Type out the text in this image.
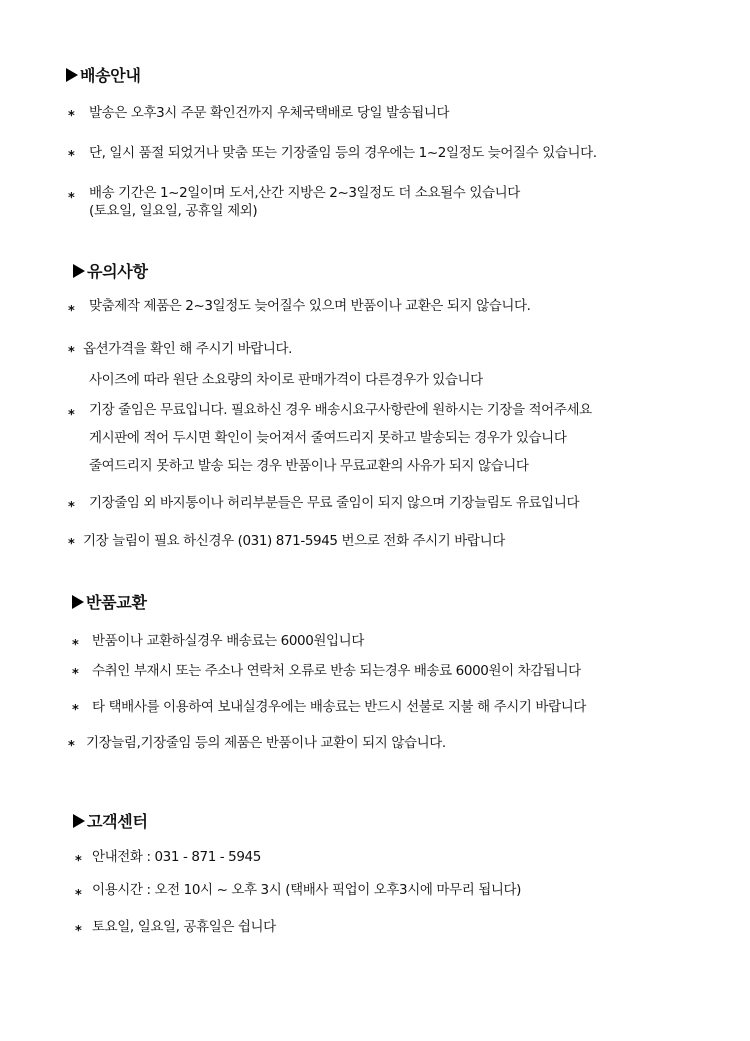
배송안내
* 발송은 오후3시 주문 확인건까지 우체국택배로 당일 발송됩니다
* 단, 일시 품절 되었거나 맞춤 또는 기장줄임 등의 경우에는 1~2일정도 늦어질수 있습니다.
* 배송 기간은 1~2일이며 도서,산간 지방은 2~3일정도 더 소요될수 있습니다
(토요일, 일요일, 공휴일 제외)
유의사항
* 맞춤제작 제품은 2~3일정도 늦어질수 있으며 반품이나 교환은 되지 않습니다.
* 옵션가격을 확인 해 주시기 바랍니다.
사이즈에 따라 원단 소요량의 차이로 판매가격이 다른경우가 있습니다
* 기장 줄임은 무료입니다. 필요하신 경우 배송시요구사항란에 원하시는 기장을 적어주세요
게시판에 적어 두시면 확인이 늦어져서 줄여드리지 못하고 발송되는 경우가 있습니다
줄여드리지 못하고 발송 되는 경우 반품이나 무료교환의 사유가 되지 않습니다
* 기장줄임 외 바지통이나 허리부분들은 무료 줄임이 되지 않으며 기장늘림도 유료입니다
* 기장 늘림이 필요 하신경우 (031) 871-5945 번으로 전화 주시기 바랍니다
반품교환
* 반품이나 교환하실경우 배송료는 6000원입니다
* 수취인 부재시 또는 주소나 연락처 오류로 반송 되는경우 배송료 6000원이 차감됩니다
* 타 택배사를 이용하여 보내실경우에는 배송료는 반드시 선불로 지불 해 주시기 바랍니다
* 기장늘림,기장줄임 등의 제품은 반품이나 교환이 되지 않습니다.
고객센터
* 안내전화 : 031 - 871 - 5945
* 이용시간 : 오전 10시 ~ 오후 3시 (택배사 픽업이 오후3시에 마무리 됩니다)
* 토요일, 일요일, 공휴일은 쉽니다
